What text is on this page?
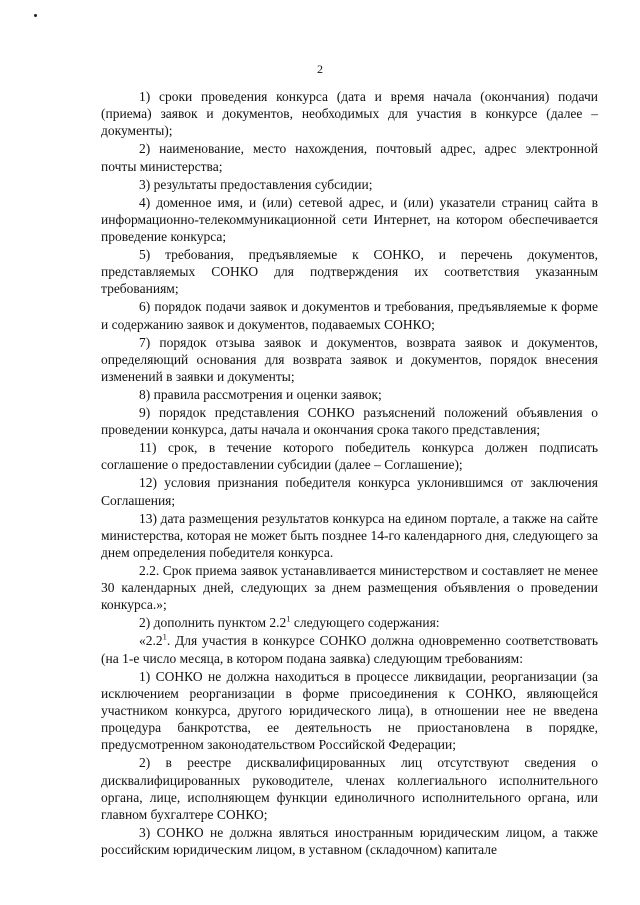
2

1) сроки проведения конкурса (дата и время начала (окончания) подачи (приема) заявок и документов, необходимых для участия в конкурсе (далее – документы);

2) наименование, место нахождения, почтовый адрес, адрес электронной почты министерства;

3) результаты предоставления субсидии;

4) доменное имя, и (или) сетевой адрес, и (или) указатели страниц сайта в информационно-телекоммуникационной сети Интернет, на котором обеспечивается проведение конкурса;

5) требования, предъявляемые к СОНКО, и перечень документов, представляемых СОНКО для подтверждения их соответствия указанным требованиям;

6) порядок подачи заявок и документов и требования, предъявляемые к форме и содержанию заявок и документов, подаваемых СОНКО;

7) порядок отзыва заявок и документов, возврата заявок и документов, определяющий основания для возврата заявок и документов, порядок внесения изменений в заявки и документы;

8) правила рассмотрения и оценки заявок;

9) порядок представления СОНКО разъяснений положений объявления о проведении конкурса, даты начала и окончания срока такого представления;

11) срок, в течение которого победитель конкурса должен подписать соглашение о предоставлении субсидии (далее – Соглашение);

12) условия признания победителя конкурса уклонившимся от заключения Соглашения;

13) дата размещения результатов конкурса на едином портале, а также на сайте министерства, которая не может быть позднее 14-го календарного дня, следующего за днем определения победителя конкурса.

2.2. Срок приема заявок устанавливается министерством и составляет не менее 30 календарных дней, следующих за днем размещения объявления о проведении конкурса.»;

2) дополнить пунктом $2.2^1$ следующего содержания:

«$2.2^1$. Для участия в конкурсе СОНКО должна одновременно соответствовать (на 1-е число месяца, в котором подана заявка) следующим требованиям:

1) СОНКО не должна находиться в процессе ликвидации, реорганизации (за исключением реорганизации в форме присоединения к СОНКО, являющейся участником конкурса, другого юридического лица), в отношении нее не введена процедура банкротства, ее деятельность не приостановлена в порядке, предусмотренном законодательством Российской Федерации;

2) в реестре дисквалифицированных лиц отсутствуют сведения о дисквалифицированных руководителе, членах коллегиального исполнительного органа, лице, исполняющем функции единоличного исполнительного органа, или главном бухгалтере СОНКО;

3) СОНКО не должна являться иностранным юридическим лицом, а также российским юридическим лицом, в уставном (складочном) капитале
